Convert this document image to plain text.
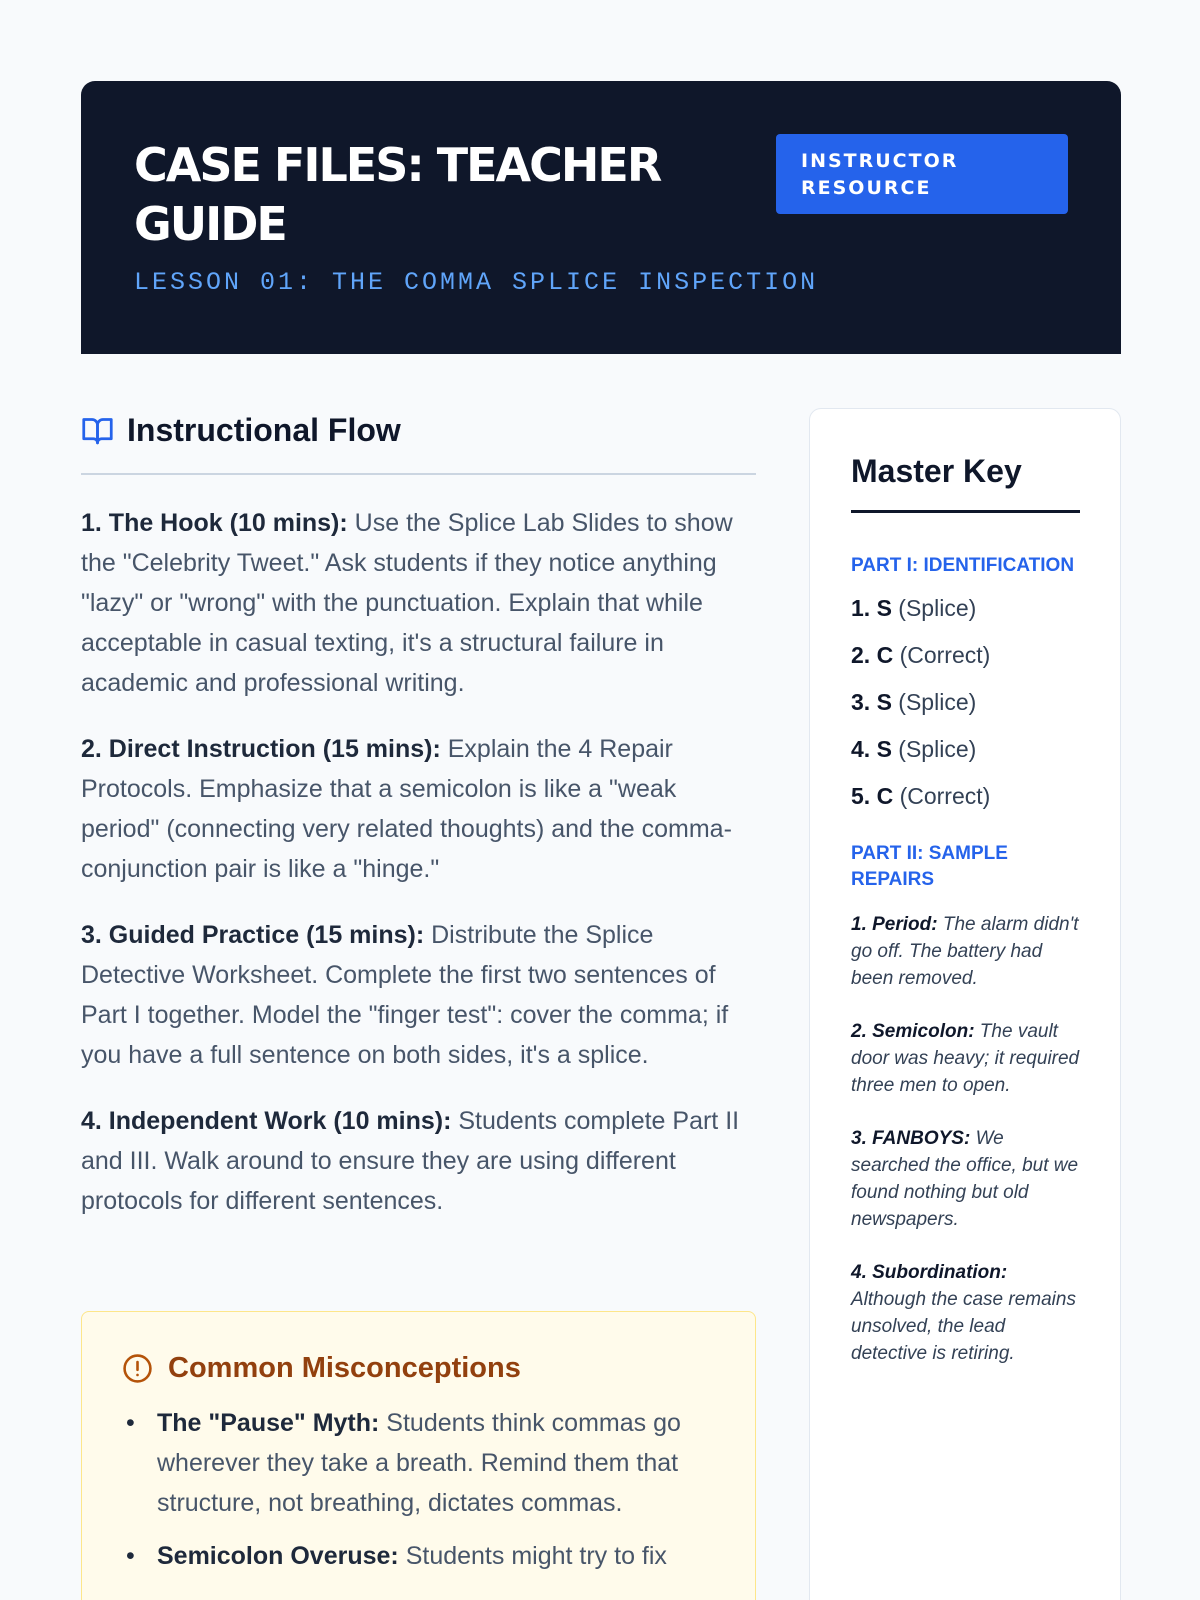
CASE FILES: TEACHER GUIDE
LESSON 01: THE COMMA SPLICE INSPECTION
INSTRUCTOR RESOURCE
Instructional Flow

1. The Hook (10 mins): Use the Splice Lab Slides to show the "Celebrity Tweet." Ask students if they notice anything "lazy" or "wrong" with the punctuation. Explain that while acceptable in casual texting, it's a structural failure in academic and professional writing.

2. Direct Instruction (15 mins): Explain the 4 Repair Protocols. Emphasize that a semicolon is like a "weak period" (connecting very related thoughts) and the comma-conjunction pair is like a "hinge."

3. Guided Practice (15 mins): Distribute the Splice Detective Worksheet. Complete the first two sentences of Part I together. Model the "finger test": cover the comma; if you have a full sentence on both sides, it's a splice.

4. Independent Work (10 mins): Students complete Part II and III. Walk around to ensure they are using different protocols for different sentences.

Common Misconceptions
• The "Pause" Myth: Students think commas go wherever they take a breath. Remind them that structure, not breathing, dictates commas.
• Semicolon Overuse: Students might try to fix
Master Key
PART I: IDENTIFICATION
1. S (Splice)
2. C (Correct)
3. S (Splice)
4. S (Splice)
5. C (Correct)
PART II: SAMPLE REPAIRS

1. Period: The alarm didn't go off. The battery had been removed.

2. Semicolon: The vault door was heavy; it required three men to open.

3. FANBOYS: We searched the office, but we found nothing but old newspapers.

4. Subordination: Although the case remains unsolved, the lead detective is retiring.
